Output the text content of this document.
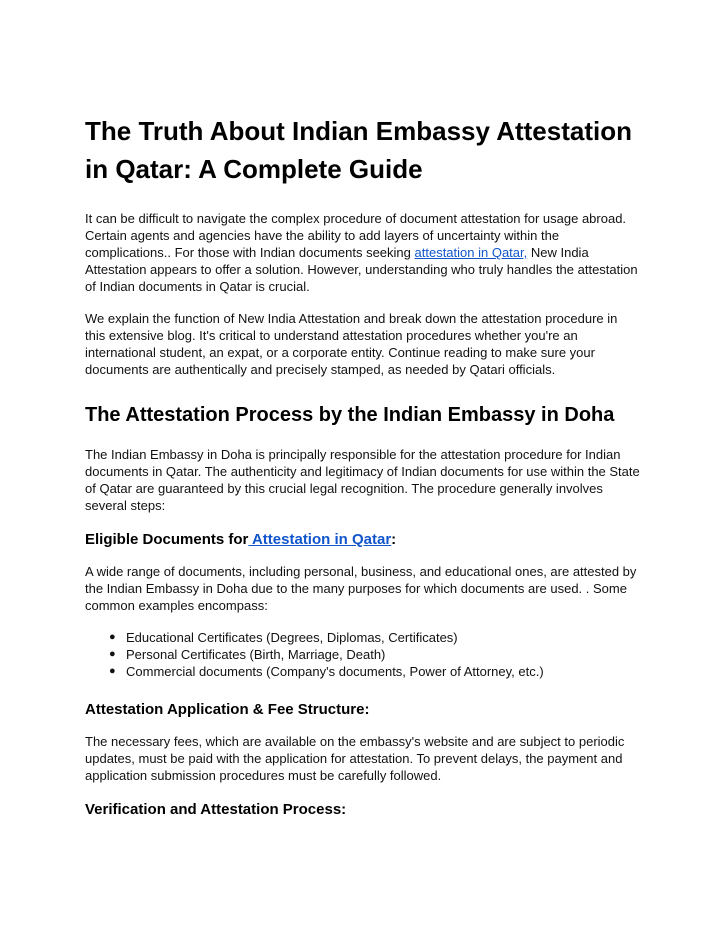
The Truth About Indian Embassy Attestation in Qatar: A Complete Guide

It can be difficult to navigate the complex procedure of document attestation for usage abroad. Certain agents and agencies have the ability to add layers of uncertainty within the complications.. For those with Indian documents seeking attestation in Qatar, New India Attestation appears to offer a solution. However, understanding who truly handles the attestation of Indian documents in Qatar is crucial.

We explain the function of New India Attestation and break down the attestation procedure in this extensive blog. It's critical to understand attestation procedures whether you're an international student, an expat, or a corporate entity. Continue reading to make sure your documents are authentically and precisely stamped, as needed by Qatari officials.

The Attestation Process by the Indian Embassy in Doha

The Indian Embassy in Doha is principally responsible for the attestation procedure for Indian documents in Qatar. The authenticity and legitimacy of Indian documents for use within the State of Qatar are guaranteed by this crucial legal recognition. The procedure generally involves several steps:

Eligible Documents for Attestation in Qatar:

A wide range of documents, including personal, business, and educational ones, are attested by the Indian Embassy in Doha due to the many purposes for which documents are used. . Some common examples encompass:

● Educational Certificates (Degrees, Diplomas, Certificates)
● Personal Certificates (Birth, Marriage, Death)
● Commercial documents (Company's documents, Power of Attorney, etc.)
Attestation Application & Fee Structure:

The necessary fees, which are available on the embassy's website and are subject to periodic updates, must be paid with the application for attestation. To prevent delays, the payment and application submission procedures must be carefully followed.

Verification and Attestation Process:
